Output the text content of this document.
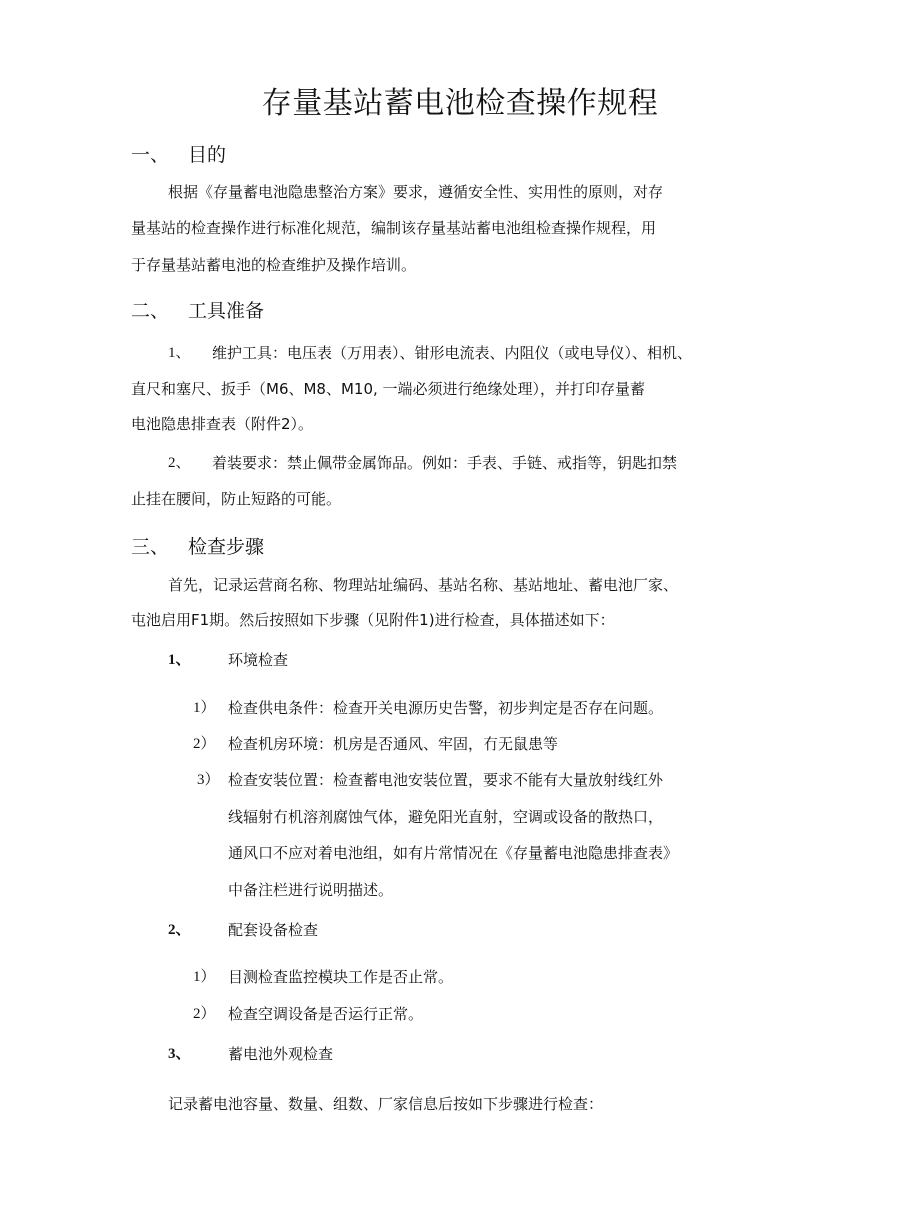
存量基站蓄电池检查操作规程
一、 目的
根据《存量蓄电池隐患整治方案》要求，遵循安全性、实用性的原则，对存
量基站的检查操作进行标准化规范，编制该存量基站蓄电池组检查操作规程，用
于存量基站蓄电池的检查维护及操作培训。
二、 工具准备
1、 维护工具：电压表（万用表）、钳形电流表、内阻仪（或电导仪）、相机、
直尺和塞尺、扳手（M6、M8、M10, 一端必须进行绝缘处理），并打印存量蓄
电池隐患排查表（附件2）。
2、 着装要求：禁止佩带金属饰品。例如：手表、手链、戒指等，钥匙扣禁
止挂在腰间，防止短路的可能。
三、 检查步骤
首先，记录运营商名称、物理站址编码、基站名称、基站地址、蓄电池厂家、
屯池启用F1期。然后按照如下步骤（见附件1)进行检查，具体描述如下：
1、 环境检查
1） 检查供电条件：检查开关电源历史告警，初步判定是否存在问题。
2） 检查机房环境：机房是否通风、牢固，冇无鼠患等
3） 检查安装位置：检查蓄电池安装位置，要求不能有大量放射线红外
线辐射冇机溶剂腐蚀气体，避免阳光直射，空调或设备的散热口，
通风口不应对着电池组，如有片常情况在《存量蓄电池隐患排查表》
中备注栏进行说明描述。
2、 配套设备检查
1） 目测检査监控模块工作是否止常。
2） 检查空调设备是否运行正常。
3、 蓄电池外观检查
记录蓄电池容量、数量、组数、厂家信息后按如下步骤进行检查：
